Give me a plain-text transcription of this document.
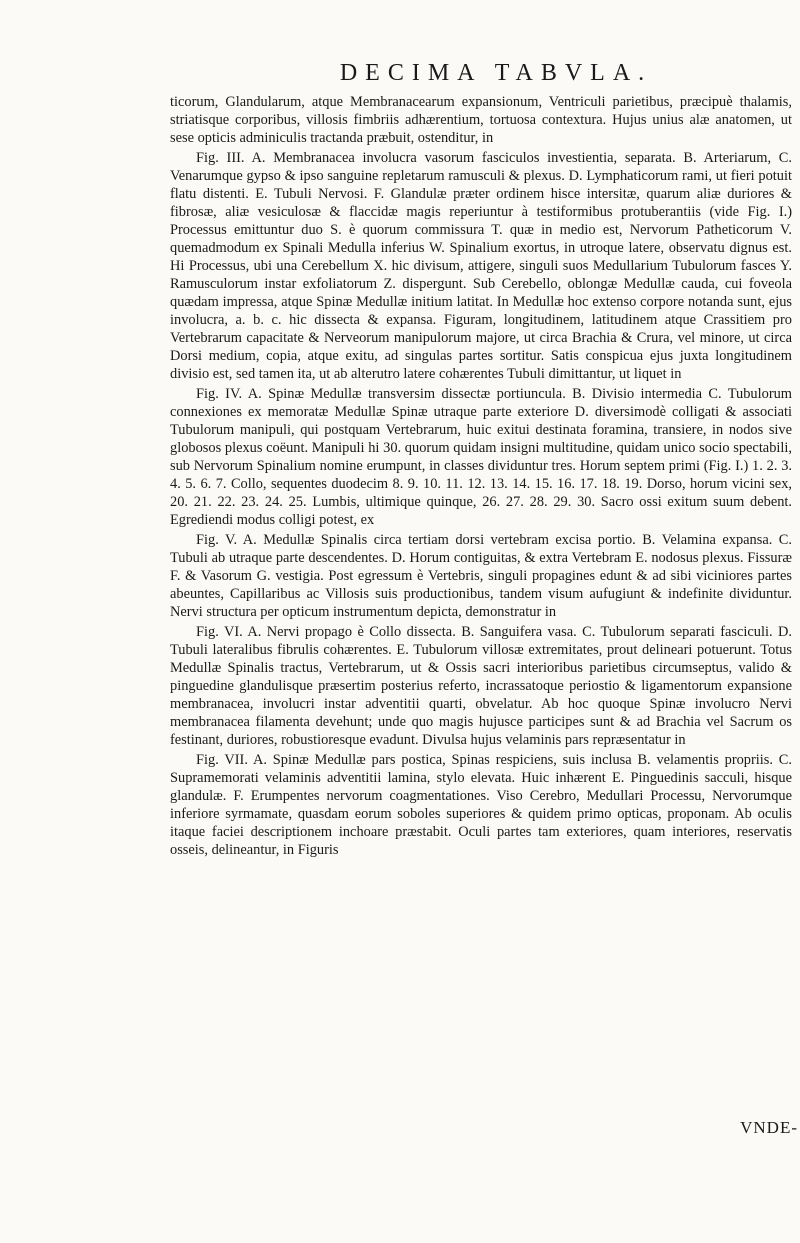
DECIMA TABVLA.

ticorum, Glandularum, atque Membranacearum expansionum, Ventriculi parietibus, præcipuè thalamis, striatisque corporibus, villosis fimbriis adhærentium, tortuosa contextura. Hujus unius alæ anatomen, ut sese opticis adminiculis tractanda præbuit, ostenditur, in

Fig. III. A. Membranacea involucra vasorum fasciculos investientia, separata. B. Arteriarum, C. Venarumque gypso & ipso sanguine repletarum ramusculi & plexus. D. Lymphaticorum rami, ut fieri potuit flatu distenti. E. Tubuli Nervosi. F. Glandulæ præter ordinem hisce intersitæ, quarum aliæ duriores & fibrosæ, aliæ vesiculosæ & flaccidæ magis reperiuntur à testiformibus protuberantiis (vide Fig. I.) Processus emittuntur duo S. è quorum commissura T. quæ in medio est, Nervorum Patheticorum V. quemadmodum ex Spinali Medulla inferius W. Spinalium exortus, in utroque latere, observatu dignus est. Hi Processus, ubi una Cerebellum X. hic divisum, attigere, singuli suos Medullarium Tubulorum fasces Y. Ramusculorum instar exfoliatorum Z. dispergunt. Sub Cerebello, oblongæ Medullæ cauda, cui foveola quædam impressa, atque Spinæ Medullæ initium latitat. In Medullæ hoc extenso corpore notanda sunt, ejus involucra, a. b. c. hic dissecta & expansa. Figuram, longitudinem, latitudinem atque Crassitiem pro Vertebrarum capacitate & Nerveorum manipulorum majore, ut circa Brachia & Crura, vel minore, ut circa Dorsi medium, copia, atque exitu, ad singulas partes sortitur. Satis conspicua ejus juxta longitudinem divisio est, sed tamen ita, ut ab alterutro latere cohærentes Tubuli dimittantur, ut liquet in

Fig. IV. A. Spinæ Medullæ transversim dissectæ portiuncula. B. Divisio intermedia C. Tubulorum connexiones ex memoratæ Medullæ Spinæ utraque parte exteriore D. diversimodè colligati & associati Tubulorum manipuli, qui postquam Vertebrarum, huic exitui destinata foramina, transiere, in nodos sive globosos plexus coëunt. Manipuli hi 30. quorum quidam insigni multitudine, quidam unico socio spectabili, sub Nervorum Spinalium nomine erumpunt, in classes dividuntur tres. Horum septem primi (Fig. I.) 1. 2. 3. 4. 5. 6. 7. Collo, sequentes duodecim 8. 9. 10. 11. 12. 13. 14. 15. 16. 17. 18. 19. Dorso, horum vicini sex, 20. 21. 22. 23. 24. 25. Lumbis, ultimique quinque, 26. 27. 28. 29. 30. Sacro ossi exitum suum debent. Egrediendi modus colligi potest, ex

Fig. V. A. Medullæ Spinalis circa tertiam dorsi vertebram excisa portio. B. Velamina expansa. C. Tubuli ab utraque parte descendentes. D. Horum contiguitas, & extra Vertebram E. nodosus plexus. Fissuræ F. & Vasorum G. vestigia. Post egressum è Vertebris, singuli propagines edunt & ad sibi viciniores partes abeuntes, Capillaribus ac Villosis suis productionibus, tandem visum aufugiunt & indefinite dividuntur. Nervi structura per opticum instrumentum depicta, demonstratur in

Fig. VI. A. Nervi propago è Collo dissecta. B. Sanguifera vasa. C. Tubulorum separati fasciculi. D. Tubuli lateralibus fibrulis cohærentes. E. Tubulorum villosæ extremitates, prout delineari potuerunt. Totus Medullæ Spinalis tractus, Vertebrarum, ut & Ossis sacri interioribus parietibus circumseptus, valido & pinguedine glandulisque præsertim posterius referto, incrassatoque periostio & ligamentorum expansione membranacea, involucri instar adventitii quarti, obvelatur. Ab hoc quoque Spinæ involucro Nervi membranacea filamenta devehunt; unde quo magis hujusce participes sunt & ad Brachia vel Sacrum os festinant, duriores, robustioresque evadunt. Divulsa hujus velaminis pars repræsentatur in

Fig. VII. A. Spinæ Medullæ pars postica, Spinas respiciens, suis inclusa B. velamentis propriis. C. Supramemorati velaminis adventitii lamina, stylo elevata. Huic inhærent E. Pinguedinis sacculi, hisque glandulæ. F. Erumpentes nervorum coagmentationes. Viso Cerebro, Medullari Processu, Nervorumque inferiore syrmamate, quasdam eorum soboles superiores & quidem primo opticas, proponam. Ab oculis itaque faciei descriptionem inchoare præstabit. Oculi partes tam exteriores, quam interiores, reservatis osseis, delineantur, in Figuris

VNDE-
